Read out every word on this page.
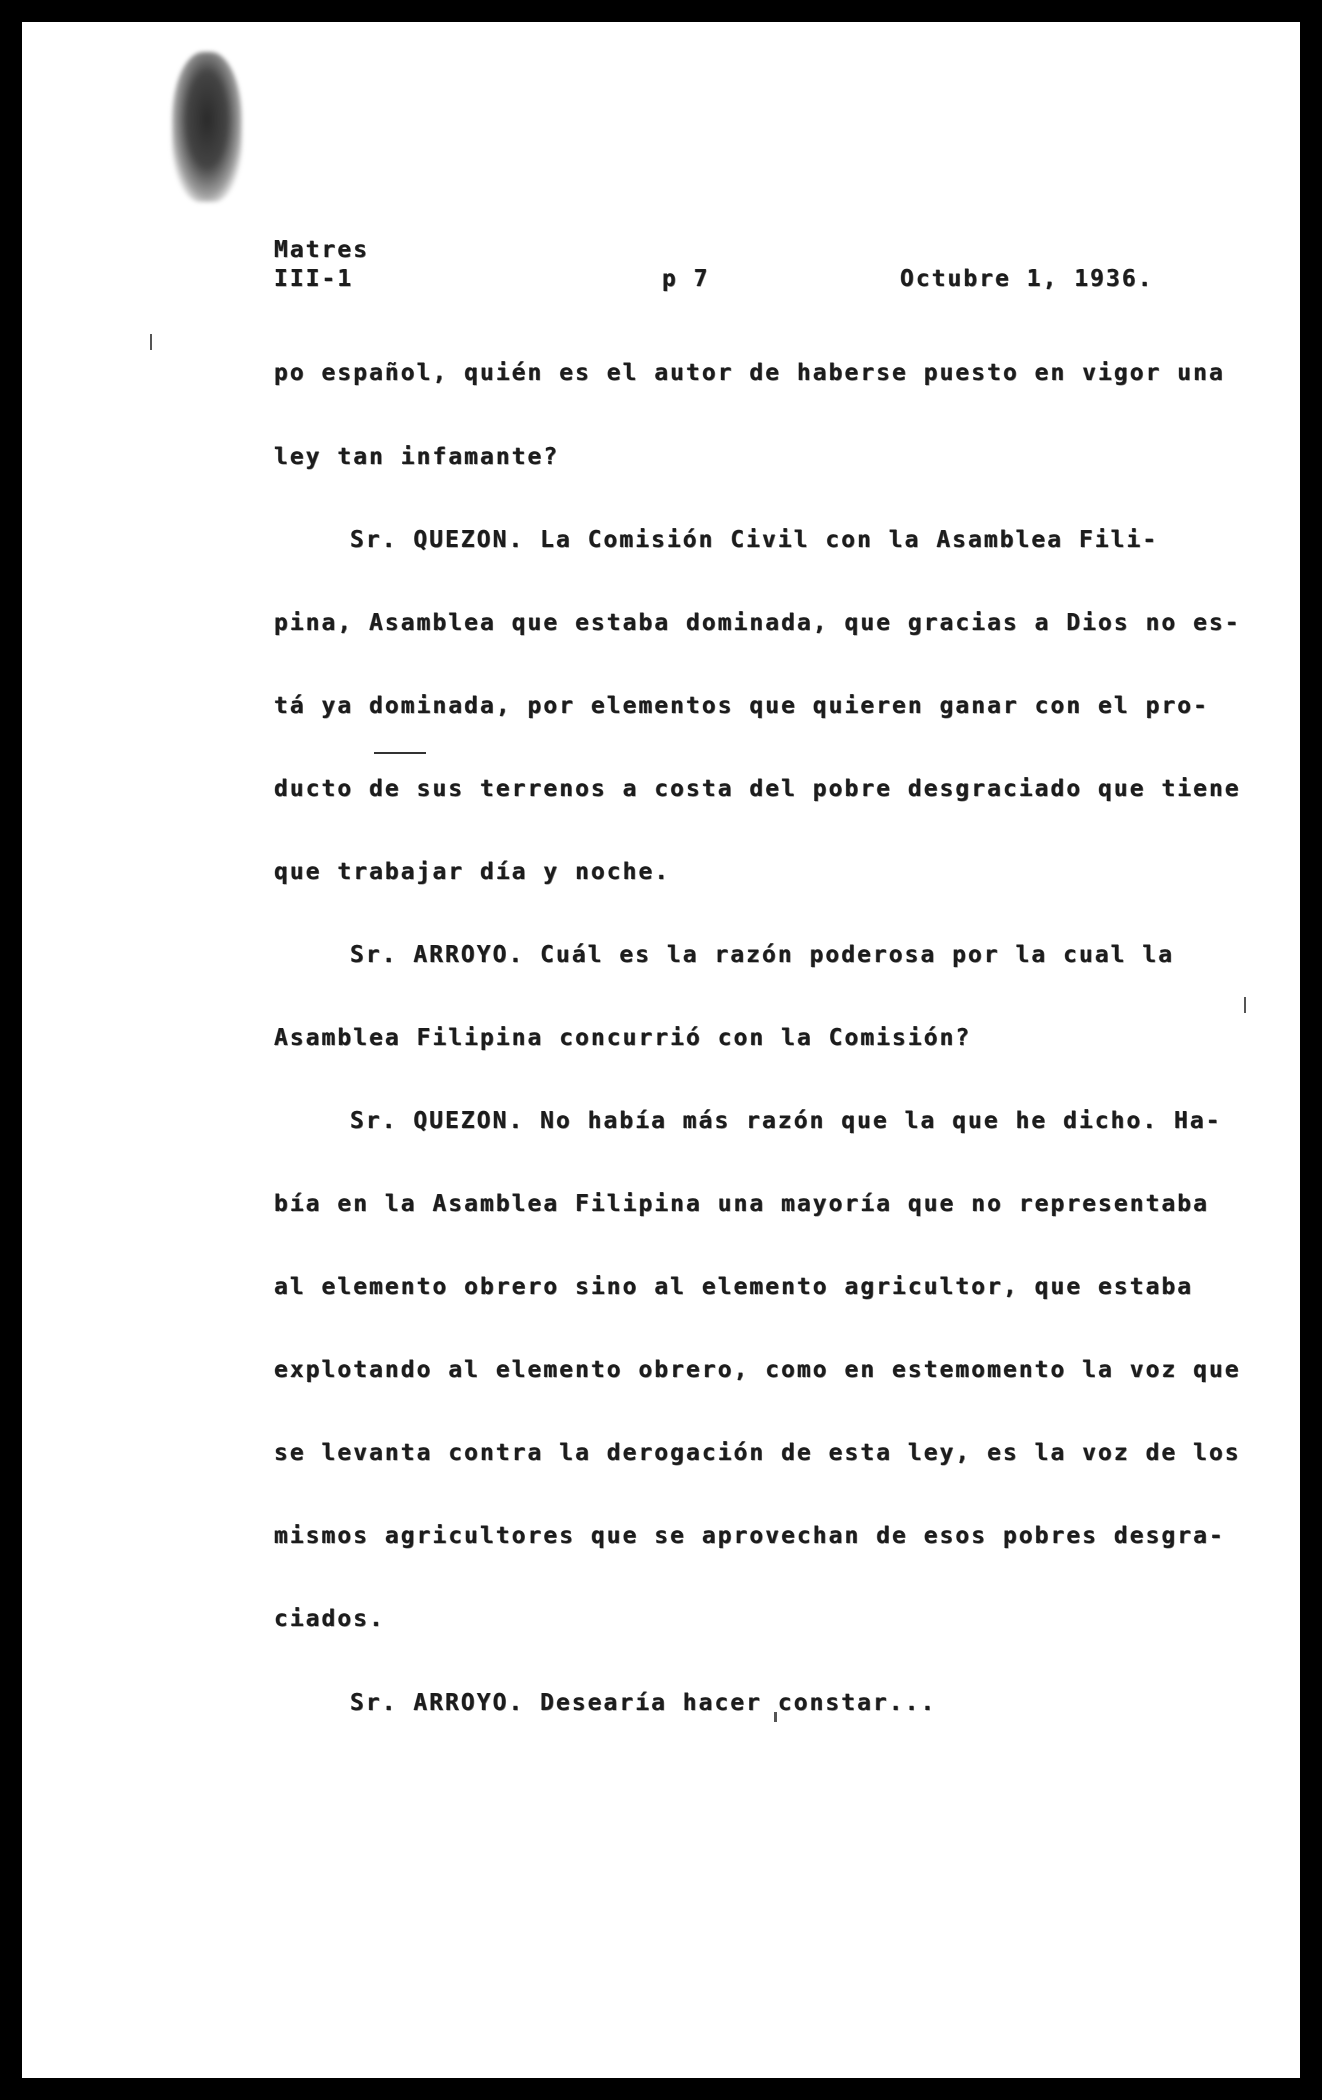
Matres
III-1	p 7	Octubre 1, 1936.
po español, quién es el autor de haberse puesto en vigor una
ley tan infamante?
Sr. QUEZON. La Comisión Civil con la Asamblea Fili-
pina, Asamblea que estaba dominada, que gracias a Dios no es-
tá ya dominada, por elementos que quieren ganar con el pro-
ducto de sus terrenos a costa del pobre desgraciado que tiene
que trabajar día y noche.
Sr. ARROYO. Cuál es la razón poderosa por la cual la
Asamblea Filipina concurrió con la Comisión?
Sr. QUEZON. No había más razón que la que he dicho. Ha-
bía en la Asamblea Filipina una mayoría que no representaba
al elemento obrero sino al elemento agricultor, que estaba
explotando al elemento obrero, como en estemomento la voz que
se levanta contra la derogación de esta ley, es la voz de los
mismos agricultores que se aprovechan de esos pobres desgra-
ciados.
Sr. ARROYO. Desearía hacer constar...
